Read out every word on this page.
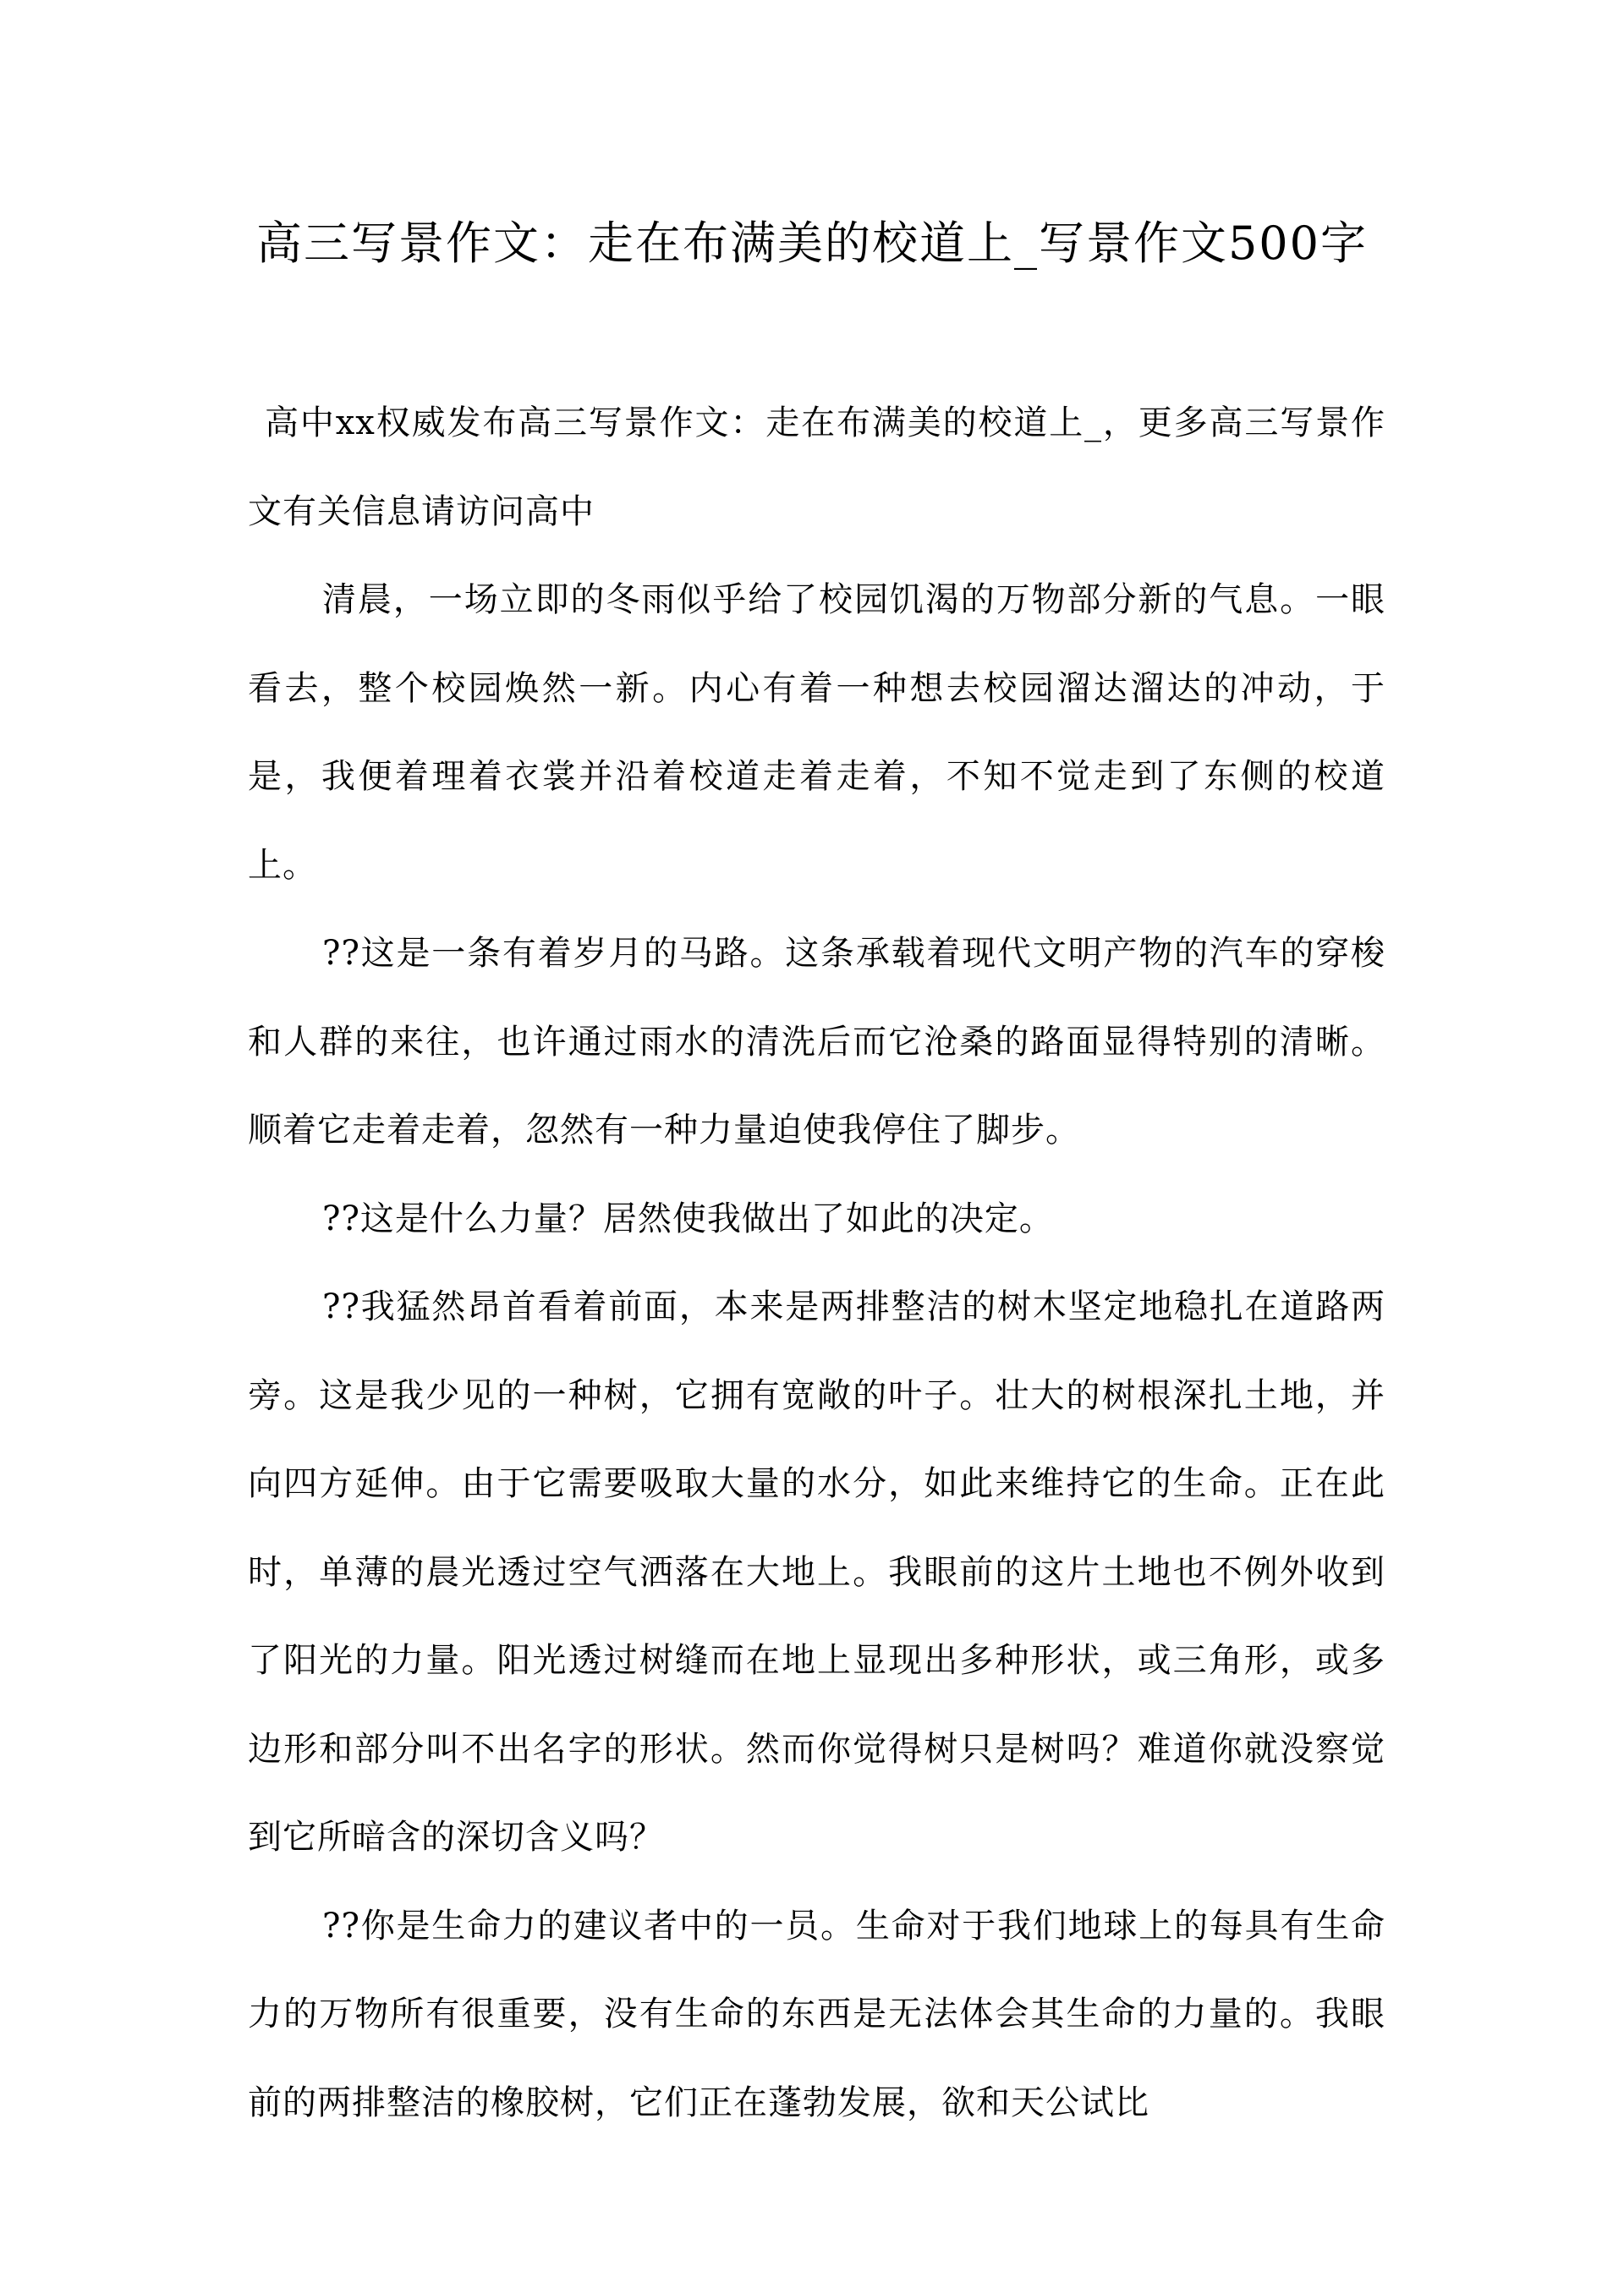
高三写景作文：走在布满美的校道上_写景作文500字

高中xx权威发布高三写景作文：走在布满美的校道上_，更多高三写景作文有关信息请访问高中

清晨，一场立即的冬雨似乎给了校园饥渴的万物部分新的气息。一眼看去，整个校园焕然一新。内心有着一种想去校园溜达溜达的冲动，于是，我便着理着衣裳并沿着校道走着走着，不知不觉走到了东侧的校道上。

??这是一条有着岁月的马路。这条承载着现代文明产物的汽车的穿梭和人群的来往，也许通过雨水的清洗后而它沧桑的路面显得特别的清晰。顺着它走着走着，忽然有一种力量迫使我停住了脚步。

??这是什么力量？居然使我做出了如此的决定。

??我猛然昂首看着前面，本来是两排整洁的树木坚定地稳扎在道路两旁。这是我少见的一种树，它拥有宽敞的叶子。壮大的树根深扎土地，并向四方延伸。由于它需要吸取大量的水分，如此来维持它的生命。正在此时，单薄的晨光透过空气洒落在大地上。我眼前的这片土地也不例外收到了阳光的力量。阳光透过树缝而在地上显现出多种形状，或三角形，或多边形和部分叫不出名字的形状。然而你觉得树只是树吗？难道你就没察觉到它所暗含的深切含义吗？

??你是生命力的建议者中的一员。生命对于我们地球上的每具有生命力的万物所有很重要，没有生命的东西是无法体会其生命的力量的。我眼前的两排整洁的橡胶树，它们正在蓬勃发展，欲和天公试比
